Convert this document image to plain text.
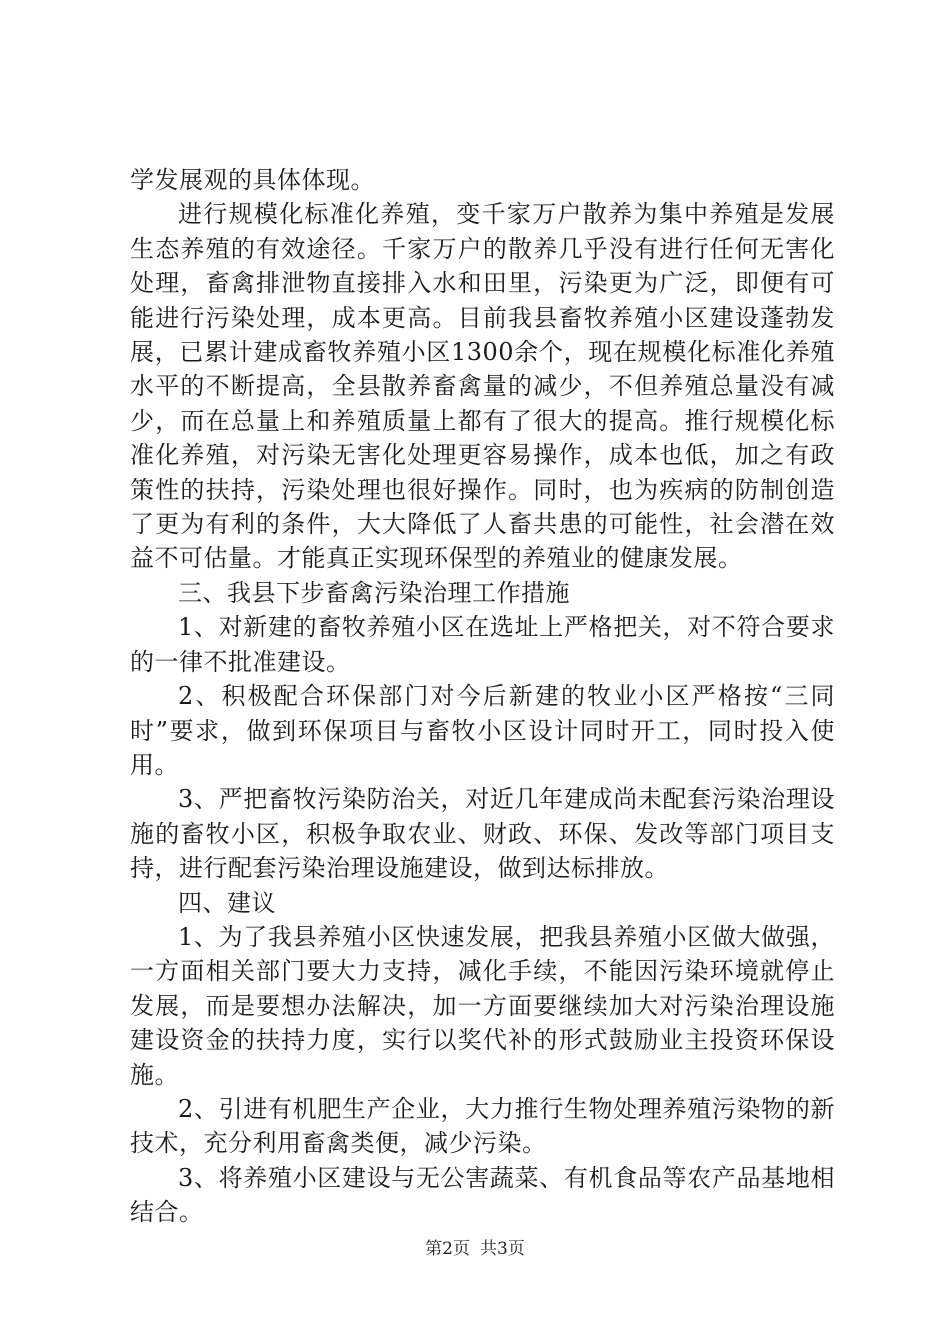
学发展观的具体体现。

进行规模化标准化养殖，变千家万户散养为集中养殖是发展生态养殖的有效途径。千家万户的散养几乎没有进行任何无害化处理，畜禽排泄物直接排入水和田里，污染更为广泛，即便有可能进行污染处理，成本更高。目前我县畜牧养殖小区建设蓬勃发展，已累计建成畜牧养殖小区1300余个，现在规模化标准化养殖水平的不断提高，全县散养畜禽量的减少，不但养殖总量没有减少，而在总量上和养殖质量上都有了很大的提高。推行规模化标准化养殖，对污染无害化处理更容易操作，成本也低，加之有政策性的扶持，污染处理也很好操作。同时，也为疾病的防制创造了更为有利的条件，大大降低了人畜共患的可能性，社会潜在效益不可估量。才能真正实现环保型的养殖业的健康发展。

三、我县下步畜禽污染治理工作措施

1、对新建的畜牧养殖小区在选址上严格把关，对不符合要求的一律不批准建设。

2、积极配合环保部门对今后新建的牧业小区严格按“三同时”要求，做到环保项目与畜牧小区设计同时开工，同时投入使用。

3、严把畜牧污染防治关，对近几年建成尚未配套污染治理设施的畜牧小区，积极争取农业、财政、环保、发改等部门项目支持，进行配套污染治理设施建设，做到达标排放。

四、建议

1、为了我县养殖小区快速发展，把我县养殖小区做大做强，一方面相关部门要大力支持，减化手续，不能因污染环境就停止发展，而是要想办法解决，加一方面要继续加大对污染治理设施建设资金的扶持力度，实行以奖代补的形式鼓励业主投资环保设施。

2、引进有机肥生产企业，大力推行生物处理养殖污染物的新技术，充分利用畜禽类便，减少污染。

3、将养殖小区建设与无公害蔬菜、有机食品等农产品基地相结合。

第2页 共3页
